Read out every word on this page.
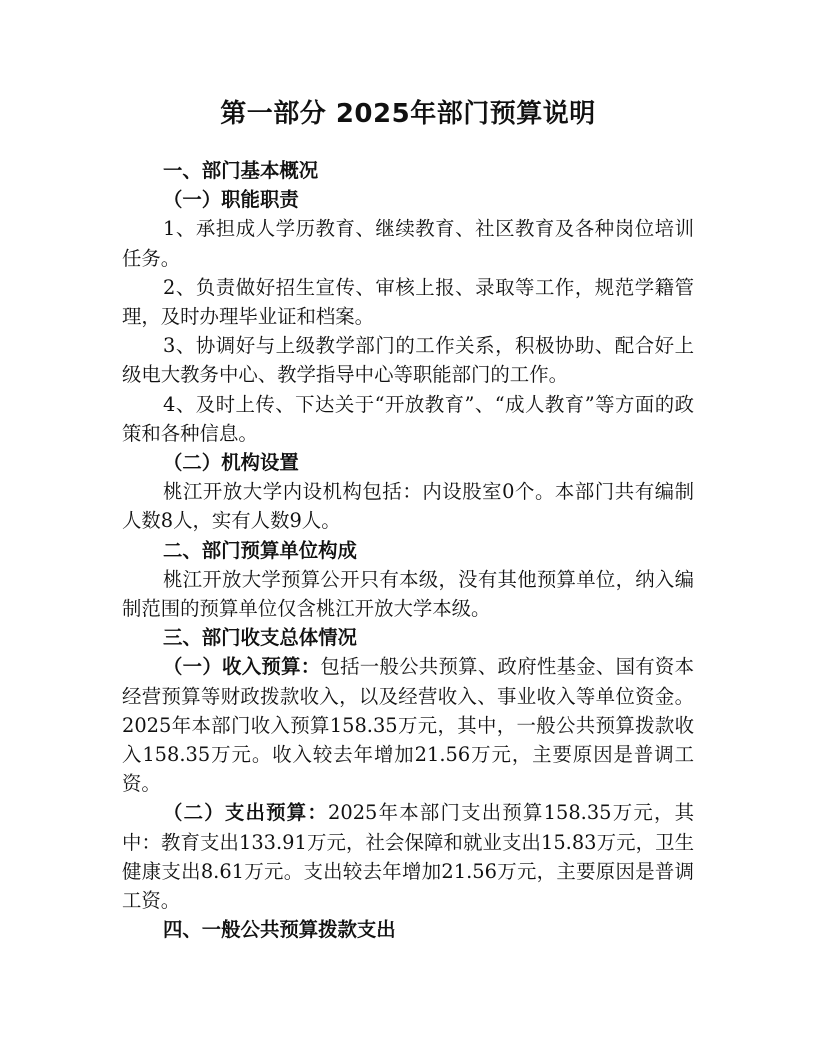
第一部分 2025年部门预算说明

一、部门基本概况

（一）职能职责

1、承担成人学历教育、继续教育、社区教育及各种岗位培训任务。

2、负责做好招生宣传、审核上报、录取等工作，规范学籍管理，及时办理毕业证和档案。

3、协调好与上级教学部门的工作关系，积极协助、配合好上级电大教务中心、教学指导中心等职能部门的工作。

4、及时上传、下达关于“开放教育”、“成人教育”等方面的政策和各种信息。

（二）机构设置

桃江开放大学内设机构包括：内设股室0个。本部门共有编制人数8人，实有人数9人。

二、部门预算单位构成

桃江开放大学预算公开只有本级，没有其他预算单位，纳入编制范围的预算单位仅含桃江开放大学本级。

三、部门收支总体情况

（一）收入预算：包括一般公共预算、政府性基金、国有资本经营预算等财政拨款收入，以及经营收入、事业收入等单位资金。2025年本部门收入预算158.35万元，其中，一般公共预算拨款收入158.35万元。收入较去年增加21.56万元，主要原因是普调工资。

（二）支出预算：2025年本部门支出预算158.35万元，其中：教育支出133.91万元，社会保障和就业支出15.83万元，卫生健康支出8.61万元。支出较去年增加21.56万元，主要原因是普调工资。

四、一般公共预算拨款支出
